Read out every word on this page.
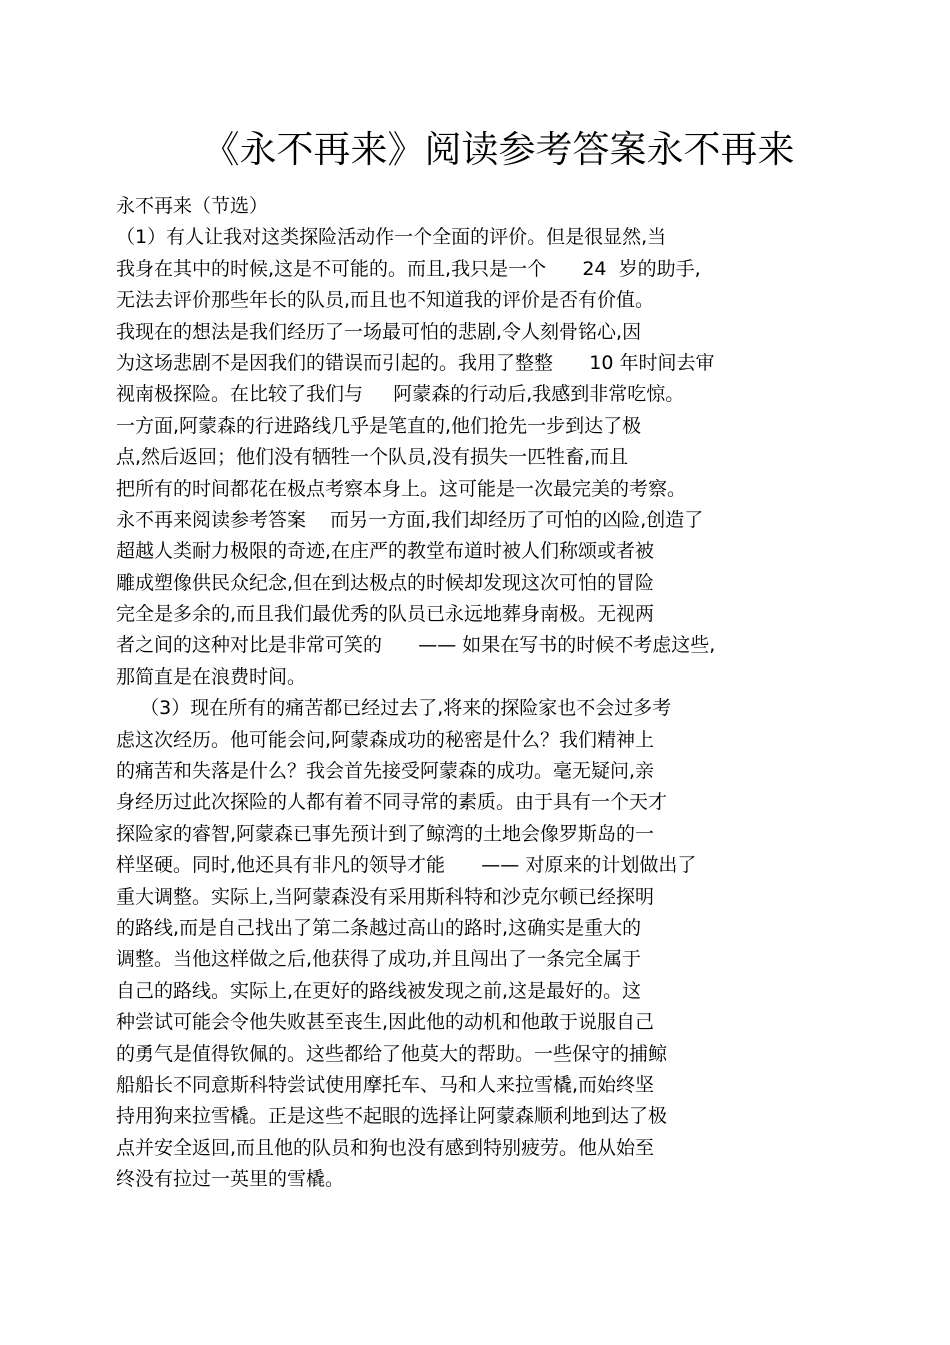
《永不再来》阅读参考答案永不再来
永不再来（节选）
（1）有人让我对这类探险活动作一个全面的评价。但是很显然,当
我身在其中的时候,这是不可能的。而且,我只是一个      24  岁的助手,
无法去评价那些年长的队员,而且也不知道我的评价是否有价值。
我现在的想法是我们经历了一场最可怕的悲剧,令人刻骨铭心,因
为这场悲剧不是因我们的错误而引起的。我用了整整      10 年时间去审
视南极探险。在比较了我们与     阿蒙森的行动后,我感到非常吃惊。
一方面,阿蒙森的行进路线几乎是笔直的,他们抢先一步到达了极
点,然后返回；他们没有牺牲一个队员,没有损失一匹牲畜,而且
把所有的时间都花在极点考察本身上。这可能是一次最完美的考察。
永不再来阅读参考答案    而另一方面,我们却经历了可怕的凶险,创造了
超越人类耐力极限的奇迹,在庄严的教堂布道时被人们称颂或者被
雕成塑像供民众纪念,但在到达极点的时候却发现这次可怕的冒险
完全是多余的,而且我们最优秀的队员已永远地葬身南极。无视两
者之间的这种对比是非常可笑的      —— 如果在写书的时候不考虑这些,
那简直是在浪费时间。
（3）现在所有的痛苦都已经过去了,将来的探险家也不会过多考
虑这次经历。他可能会问,阿蒙森成功的秘密是什么？我们精神上
的痛苦和失落是什么？我会首先接受阿蒙森的成功。毫无疑问,亲
身经历过此次探险的人都有着不同寻常的素质。由于具有一个天才
探险家的睿智,阿蒙森已事先预计到了鲸湾的土地会像罗斯岛的一
样坚硬。同时,他还具有非凡的领导才能      —— 对原来的计划做出了
重大调整。实际上,当阿蒙森没有采用斯科特和沙克尔顿已经探明
的路线,而是自己找出了第二条越过高山的路时,这确实是重大的
调整。当他这样做之后,他获得了成功,并且闯出了一条完全属于
自己的路线。实际上,在更好的路线被发现之前,这是最好的。这
种尝试可能会令他失败甚至丧生,因此他的动机和他敢于说服自己
的勇气是值得钦佩的。这些都给了他莫大的帮助。一些保守的捕鲸
船船长不同意斯科特尝试使用摩托车、马和人来拉雪橇,而始终坚
持用狗来拉雪橇。正是这些不起眼的选择让阿蒙森顺利地到达了极
点并安全返回,而且他的队员和狗也没有感到特别疲劳。他从始至
终没有拉过一英里的雪橇。
